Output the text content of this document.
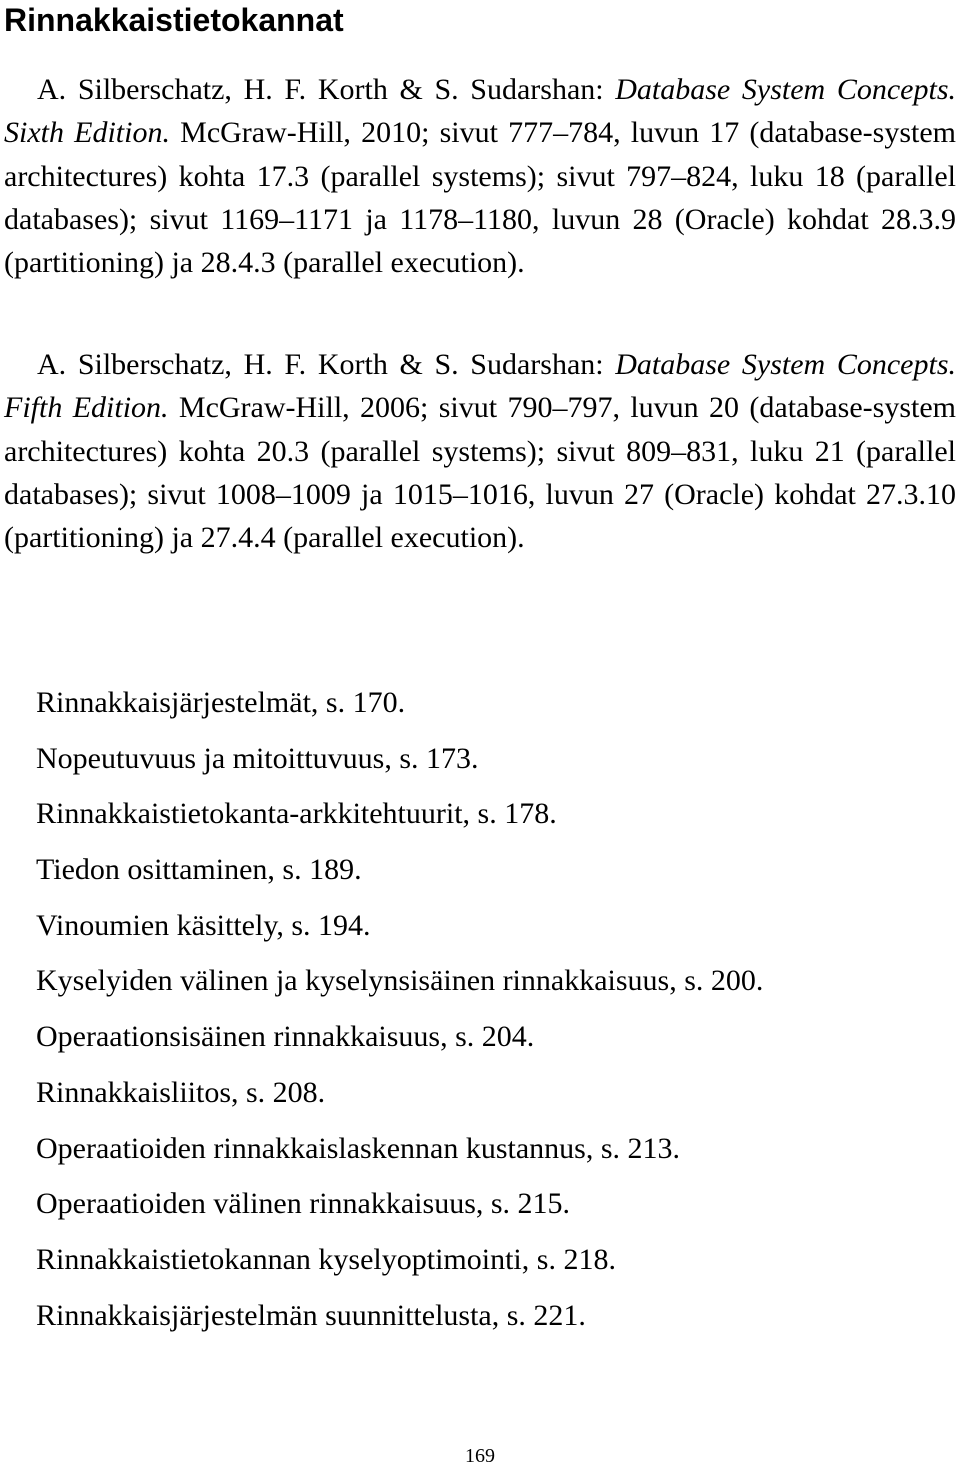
Rinnakkaistietokannat

A. Silberschatz, H. F. Korth & S. Sudarshan: Database System Concepts. Sixth Edition. McGraw-Hill, 2010; sivut 777–784, luvun 17 (database-system architectures) kohta 17.3 (parallel systems); sivut 797–824, luku 18 (parallel databases); sivut 1169–1171 ja 1178–1180, luvun 28 (Oracle) kohdat 28.3.9 (partitioning) ja 28.4.3 (parallel execution).

A. Silberschatz, H. F. Korth & S. Sudarshan: Database System Concepts. Fifth Edition. McGraw-Hill, 2006; sivut 790–797, luvun 20 (database-system architectures) kohta 20.3 (parallel systems); sivut 809–831, luku 21 (parallel databases); sivut 1008–1009 ja 1015–1016, luvun 27 (Oracle) kohdat 27.3.10 (partitioning) ja 27.4.4 (parallel execution).

Rinnakkaisjärjestelmät, s. 170.
Nopeutuvuus ja mitoittuvuus, s. 173.
Rinnakkaistietokanta-arkkitehtuurit, s. 178.
Tiedon osittaminen, s. 189.
Vinoumien käsittely, s. 194.
Kyselyiden välinen ja kyselynsisäinen rinnakkaisuus, s. 200.
Operaationsisäinen rinnakkaisuus, s. 204.
Rinnakkaisliitos, s. 208.
Operaatioiden rinnakkaislaskennan kustannus, s. 213.
Operaatioiden välinen rinnakkaisuus, s. 215.
Rinnakkaistietokannan kyselyoptimointi, s. 218.
Rinnakkaisjärjestelmän suunnittelusta, s. 221.
169
